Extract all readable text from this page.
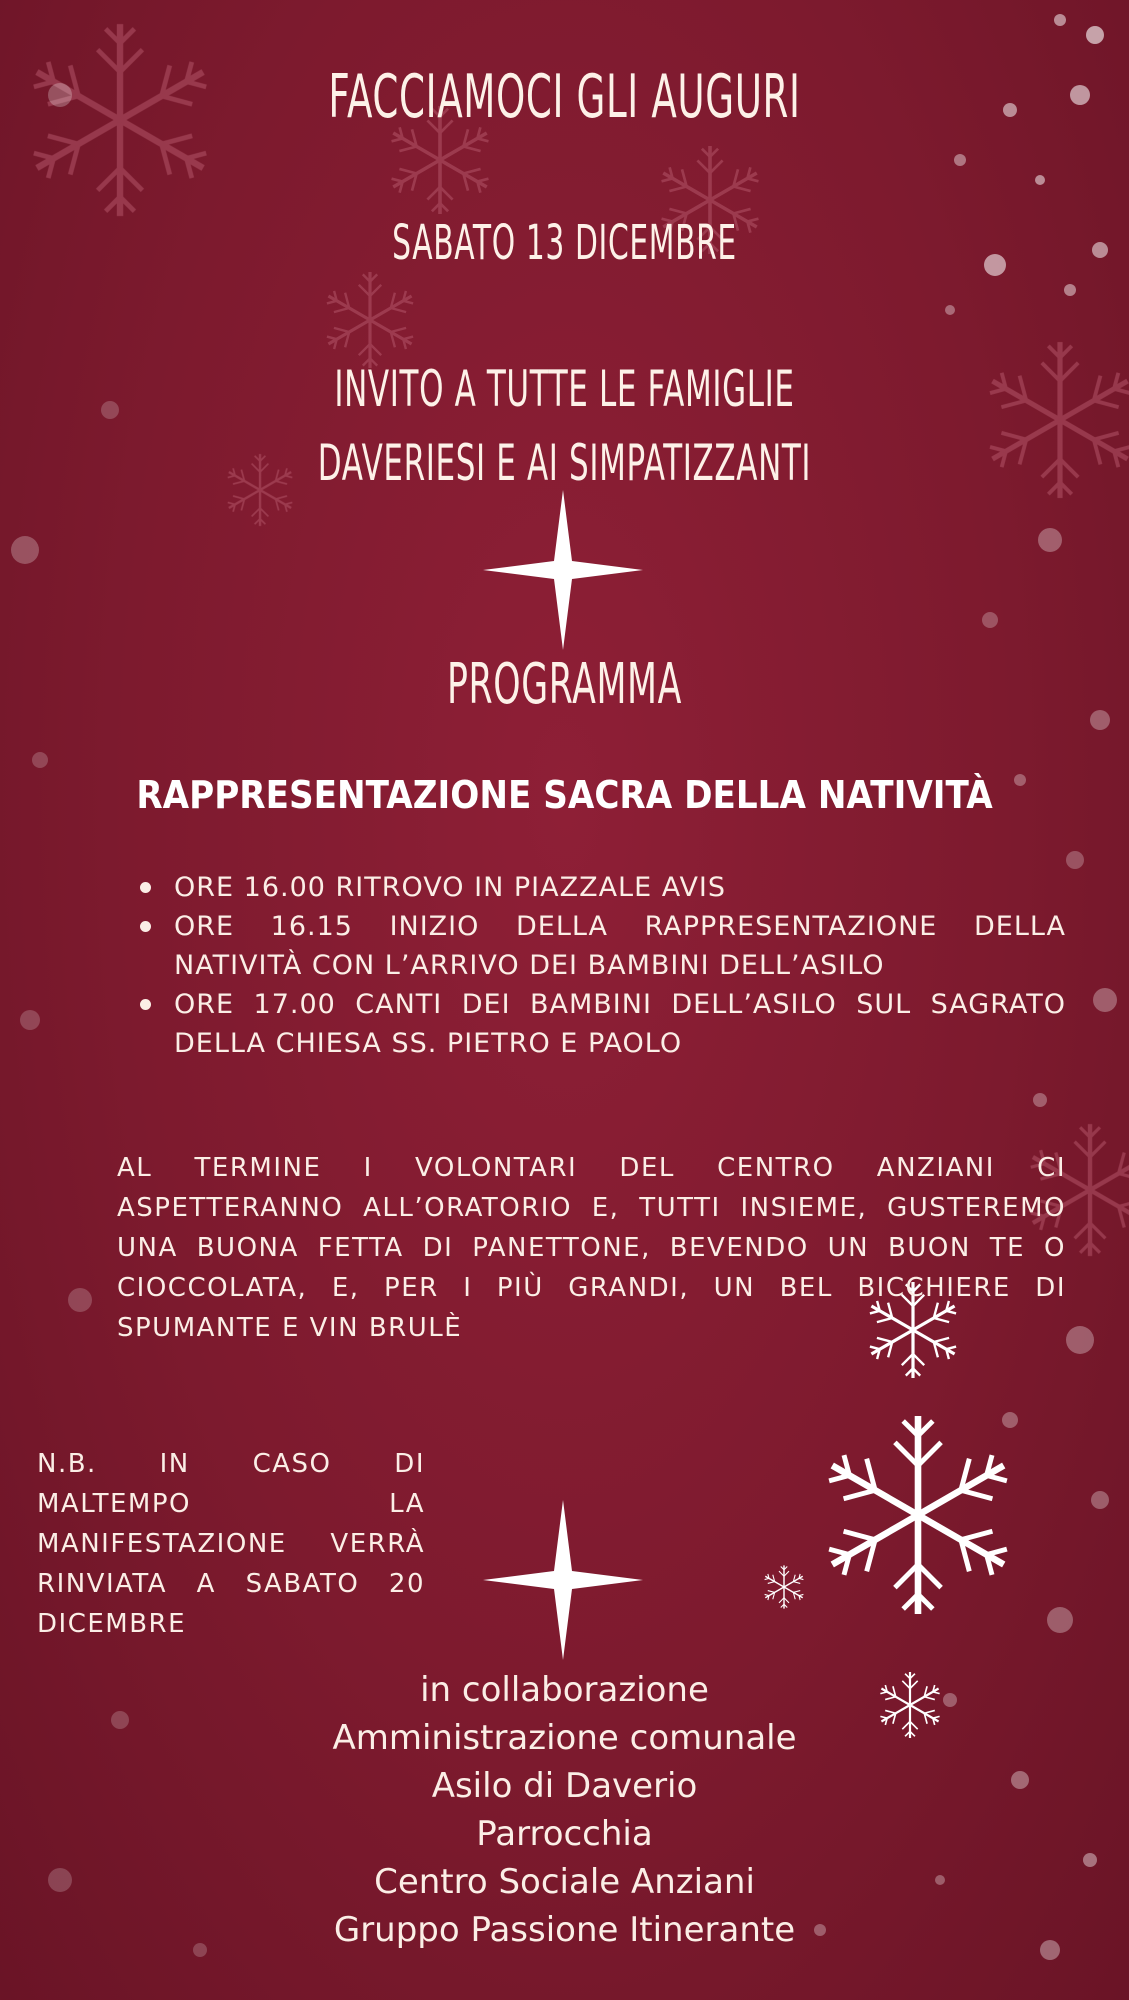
FACCIAMOCI GLI AUGURI
SABATO 13 DICEMBRE
INVITO A TUTTE LE FAMIGLIE
DAVERIESI E AI SIMPATIZZANTI
PROGRAMMA
RAPPRESENTAZIONE SACRA DELLA NATIVITÀ
ORE 16.00 RITROVO IN PIAZZALE AVIS
ORE 16.15 INIZIO DELLA RAPPRESENTAZIONE DELLA NATIVITÀ CON L’ARRIVO DEI BAMBINI DELL’ASILO
ORE 17.00 CANTI DEI BAMBINI DELL’ASILO SUL SAGRATO DELLA CHIESA SS. PIETRO E PAOLO

AL TERMINE I VOLONTARI DEL CENTRO ANZIANI CI ASPETTERANNO ALL’ORATORIO E, TUTTI INSIEME, GUSTEREMO UNA BUONA FETTA DI PANETTONE, BEVENDO UN BUON TE O CIOCCOLATA, E, PER I PIÙ GRANDI, UN BEL BICCHIERE DI SPUMANTE E VIN BRULÈ

N.B. IN CASO DI MALTEMPO LA MANIFESTAZIONE VERRÀ RINVIATA A SABATO 20 DICEMBRE

in collaborazione
Amministrazione comunale
Asilo di Daverio
Parrocchia
Centro Sociale Anziani
Gruppo Passione Itinerante
